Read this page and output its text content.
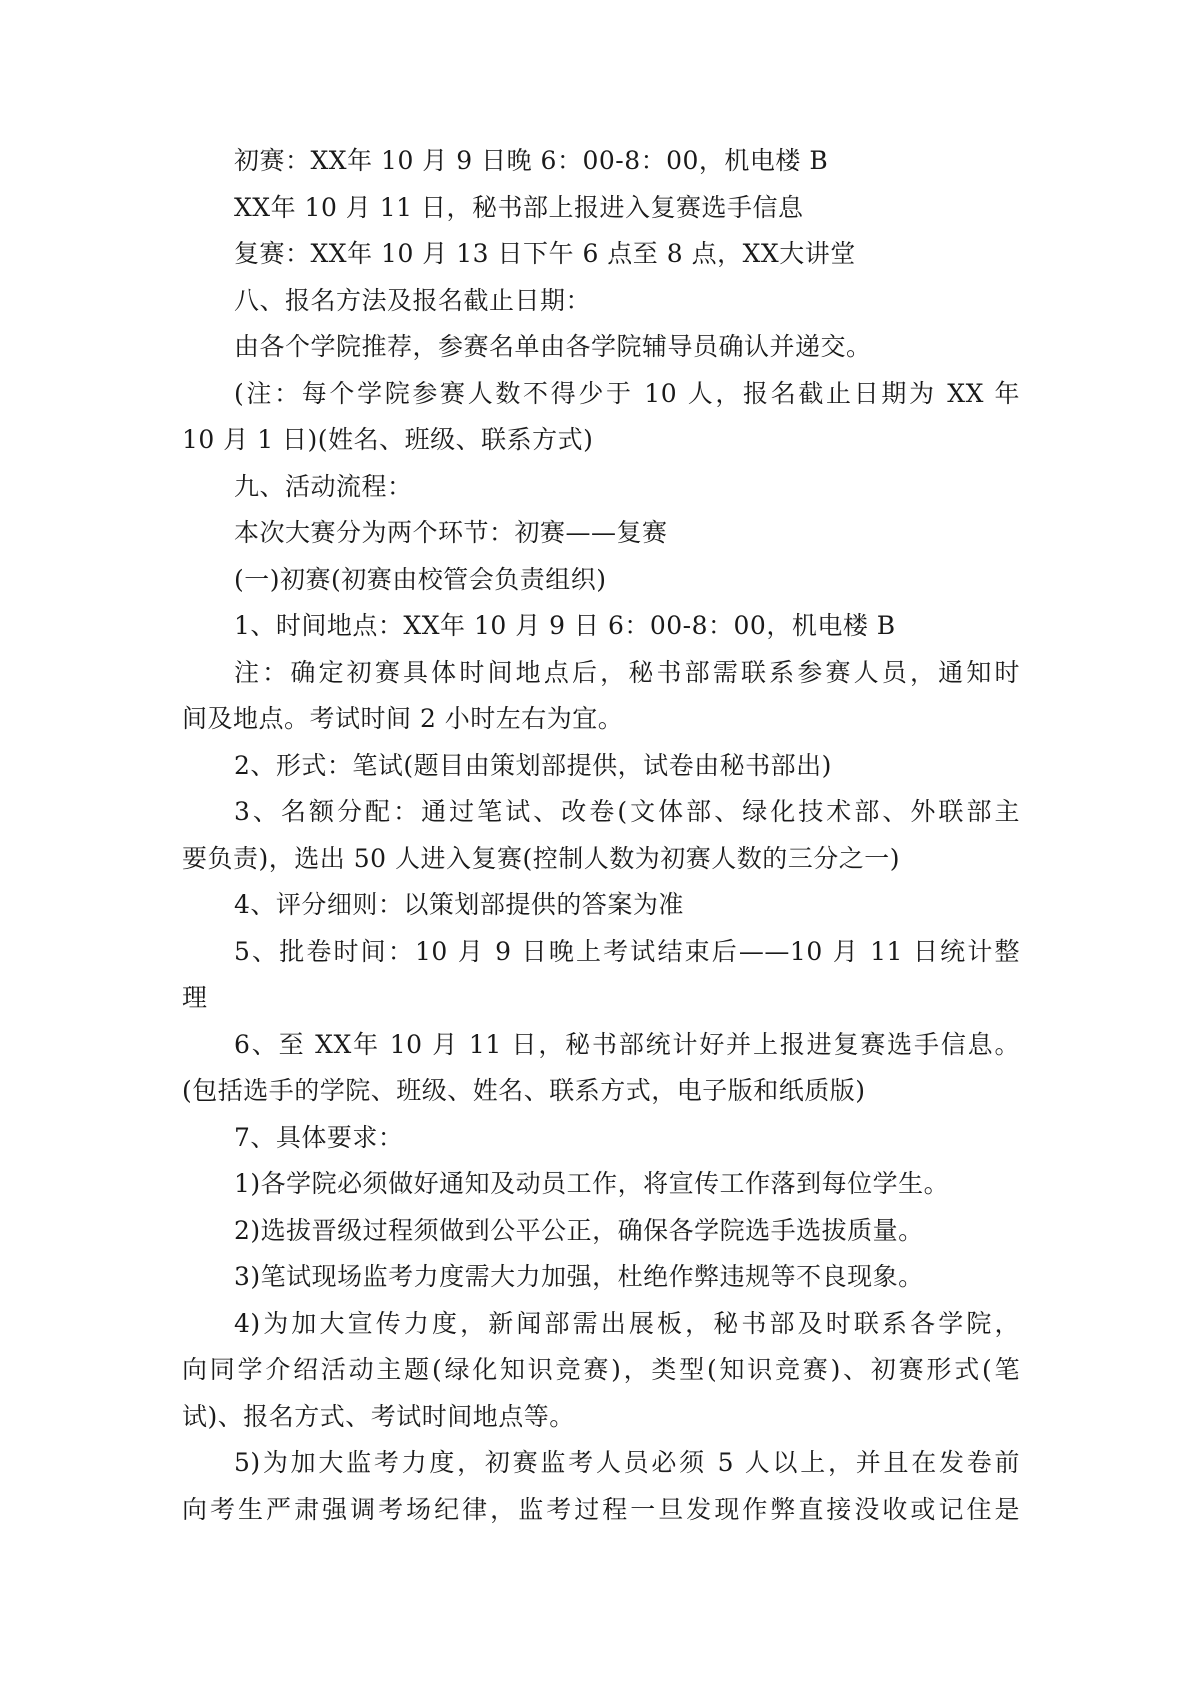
初赛：XX年 10 月 9 日晚 6：00-8：00，机电楼 B
XX年 10 月 11 日，秘书部上报进入复赛选手信息
复赛：XX年 10 月 13 日下午 6 点至 8 点，XX大讲堂
八、报名方法及报名截止日期：
由各个学院推荐，参赛名单由各学院辅导员确认并递交。
(注：每个学院参赛人数不得少于 10 人，报名截止日期为 XX 年
10 月 1 日)(姓名、班级、联系方式)
九、活动流程：
本次大赛分为两个环节：初赛——复赛
(一)初赛(初赛由校管会负责组织)
1、时间地点：XX年 10 月 9 日 6：00-8：00，机电楼 B
注：确定初赛具体时间地点后，秘书部需联系参赛人员，通知时
间及地点。考试时间 2 小时左右为宜。
2、形式：笔试(题目由策划部提供，试卷由秘书部出)
3、名额分配：通过笔试、改卷(文体部、绿化技术部、外联部主
要负责)，选出 50 人进入复赛(控制人数为初赛人数的三分之一)
4、评分细则：以策划部提供的答案为准
5、批卷时间：10 月 9 日晚上考试结束后——10 月 11 日统计整
理
6、至 XX年 10 月 11 日，秘书部统计好并上报进复赛选手信息。
(包括选手的学院、班级、姓名、联系方式，电子版和纸质版)
7、具体要求：
1)各学院必须做好通知及动员工作，将宣传工作落到每位学生。
2)选拔晋级过程须做到公平公正，确保各学院选手选拔质量。
3)笔试现场监考力度需大力加强，杜绝作弊违规等不良现象。
4)为加大宣传力度，新闻部需出展板，秘书部及时联系各学院，
向同学介绍活动主题(绿化知识竞赛)，类型(知识竞赛)、初赛形式(笔
试)、报名方式、考试时间地点等。
5)为加大监考力度，初赛监考人员必须 5 人以上，并且在发卷前
向考生严肃强调考场纪律，监考过程一旦发现作弊直接没收或记住是
